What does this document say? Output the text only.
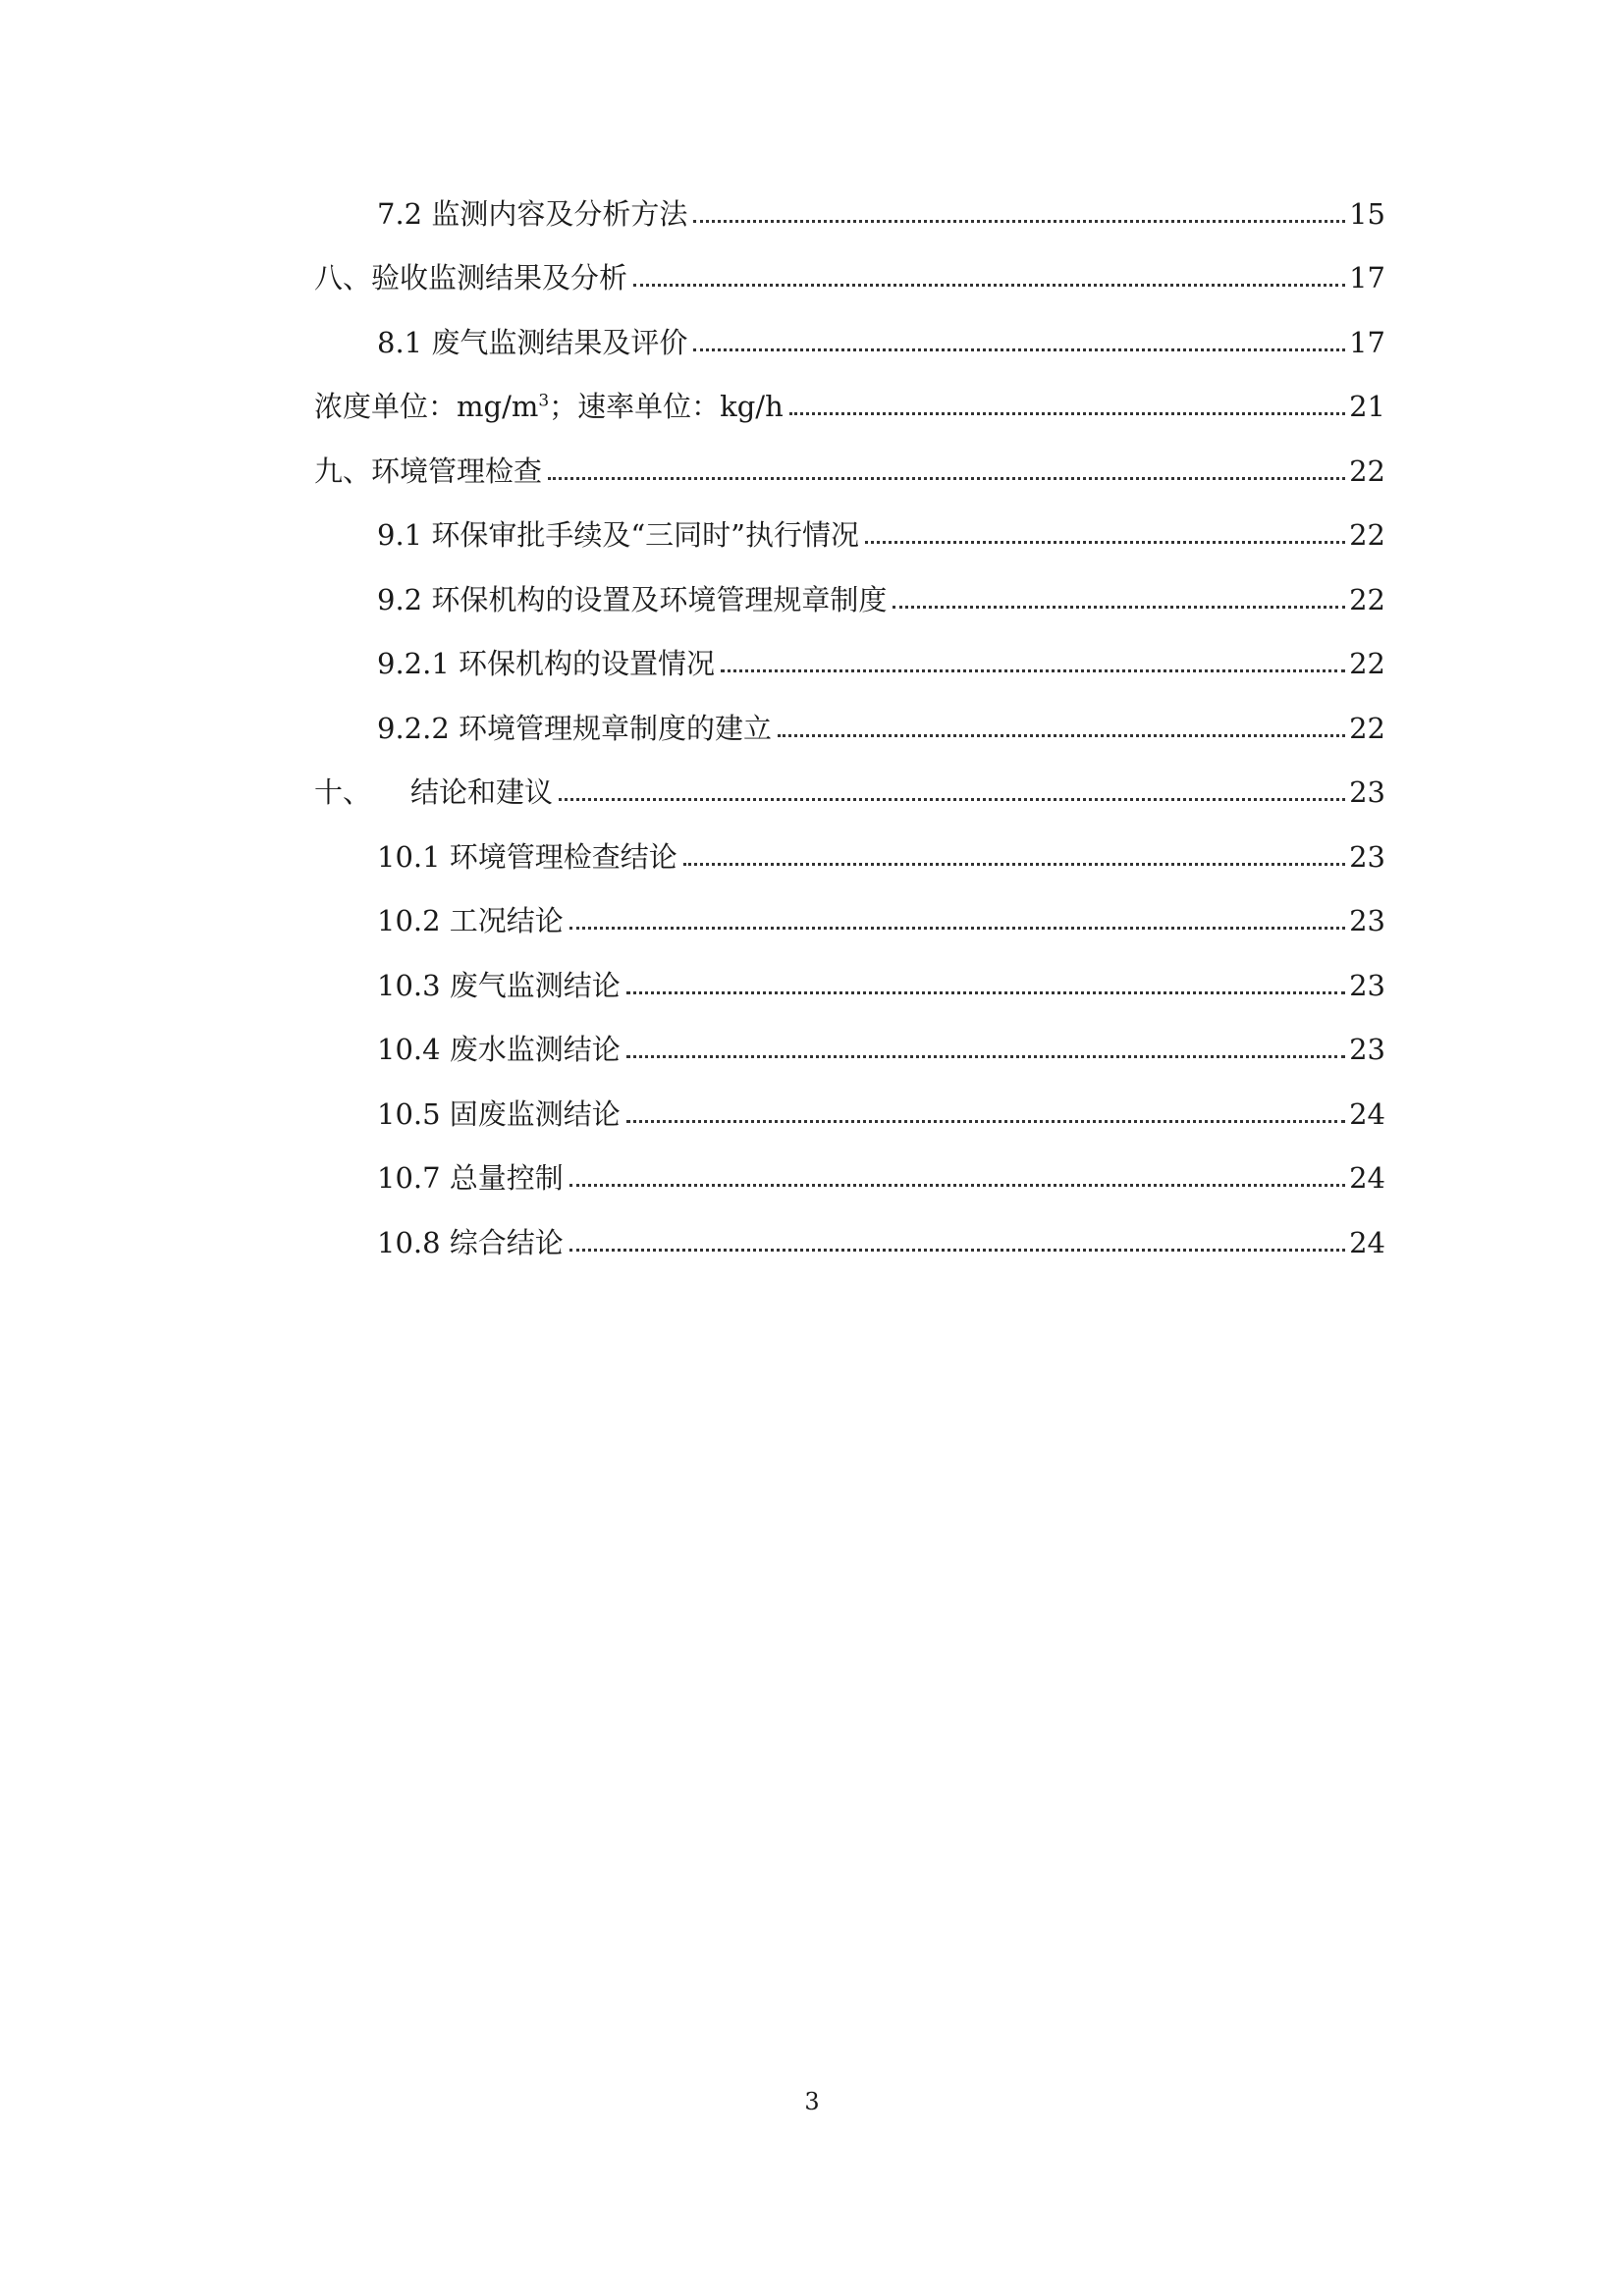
7.2 监测内容及分析方法	15
八、验收监测结果及分析	17
8.1 废气监测结果及评价	17
浓度单位：$mg/m^3$；速率单位：kg/h	21
九、环境管理检查	22
9.1 环保审批手续及“三同时”执行情况	22
9.2 环保机构的设置及环境管理规章制度	22
9.2.1 环保机构的设置情况	22
9.2.2 环境管理规章制度的建立	22
十、 结论和建议	23
10.1 环境管理检查结论	23
10.2 工况结论	23
10.3 废气监测结论	23
10.4 废水监测结论	23
10.5 固废监测结论	24
10.7 总量控制	24
10.8 综合结论	24
3
